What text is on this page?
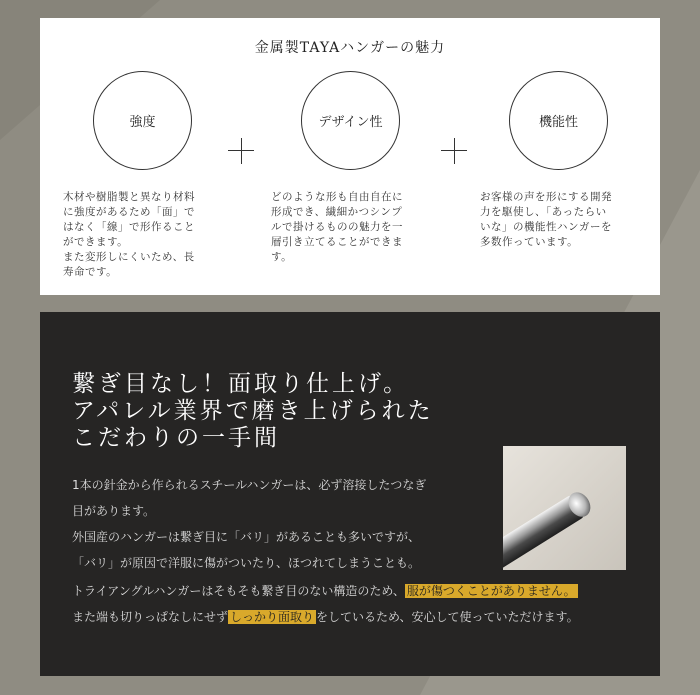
金属製TAYAハンガーの魅力
強度	デザイン性	機能性
木材や樹脂製と異なり材料
に強度があるため「面」で
はなく「線」で形作ること
ができます。
また変形しにくいため、長
寿命です。
どのような形も自由自在に
形成でき、繊細かつシンプ
ルで掛けるものの魅力を一
層引き立てることができま
す。
お客様の声を形にする開発
力を駆使し、「あったらい
いな」の機能性ハンガーを
多数作っています。
繋ぎ目なし！面取り仕上げ。
アパレル業界で磨き上げられた
こだわりの一手間
1本の針金から作られるスチールハンガーは、必ず溶接したつなぎ
目があります。
外国産のハンガーは繋ぎ目に「バリ」があることも多いですが、
「バリ」が原因で洋服に傷がついたり、ほつれてしまうことも。
トライアングルハンガーはそもそも繋ぎ目のない構造のため、 服が傷つくことがありません。
また端も切りっぱなしにせず しっかり面取り をしているため、安心して使っていただけます。
